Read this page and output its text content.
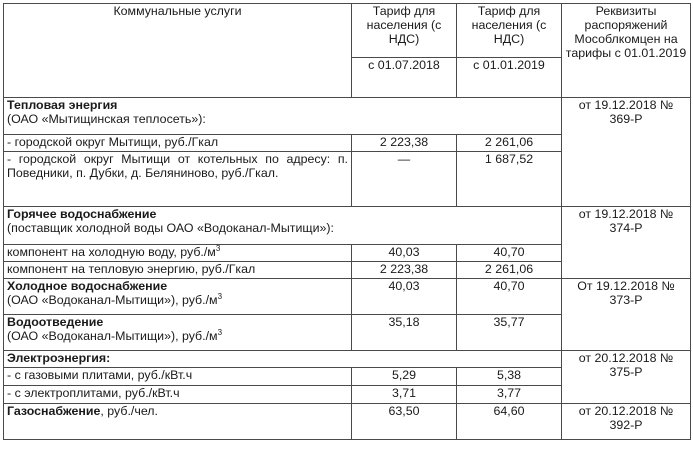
Коммунальные услуги	Тариф для населения (с НДС)	Тариф для населения (с НДС)	Реквизиты распоряжений Мособлкомцен на тарифы с 01.01.2019
	с 01.07.2018	с 01.01.2019	

Тепловая энергия
(ОАО «Мытищинская теплосеть»):			от 19.12.2018 № 369-Р
- городской округ Мытищи, руб./Гкал	2 223,38	2 261,06	
- городской округ Мытищи от котельных по адресу: п. Поведники, п. Дубки, д. Беляниново, руб./Гкал.	—	1 687,52	

Горячее водоснабжение
(поставщик холодной воды ОАО «Водоканал-Мытищи»):			от 19.12.2018 № 374-Р
компонент на холодную воду, $руб./м^3$	40,03	40,70	
компонент на тепловую энергию, руб./Гкал	2 223,38	2 261,06	

Холодное водоснабжение
(ОАО «Водоканал-Мытищи»), $руб./м^3$	40,03	40,70	От 19.12.2018 № 373-Р

Водоотведение
(ОАО «Водоканал-Мытищи»), $руб./м^3$	35,18	35,77	
Электроэнергия:			от 20.12.2018 № 375-Р
- с газовыми плитами, руб./кВт.ч	5,29	5,38	
- с электроплитами, руб./кВт.ч	3,71	3,77	
Газоснабжение, руб./чел.	63,50	64,60	от 20.12.2018 № 392-Р
